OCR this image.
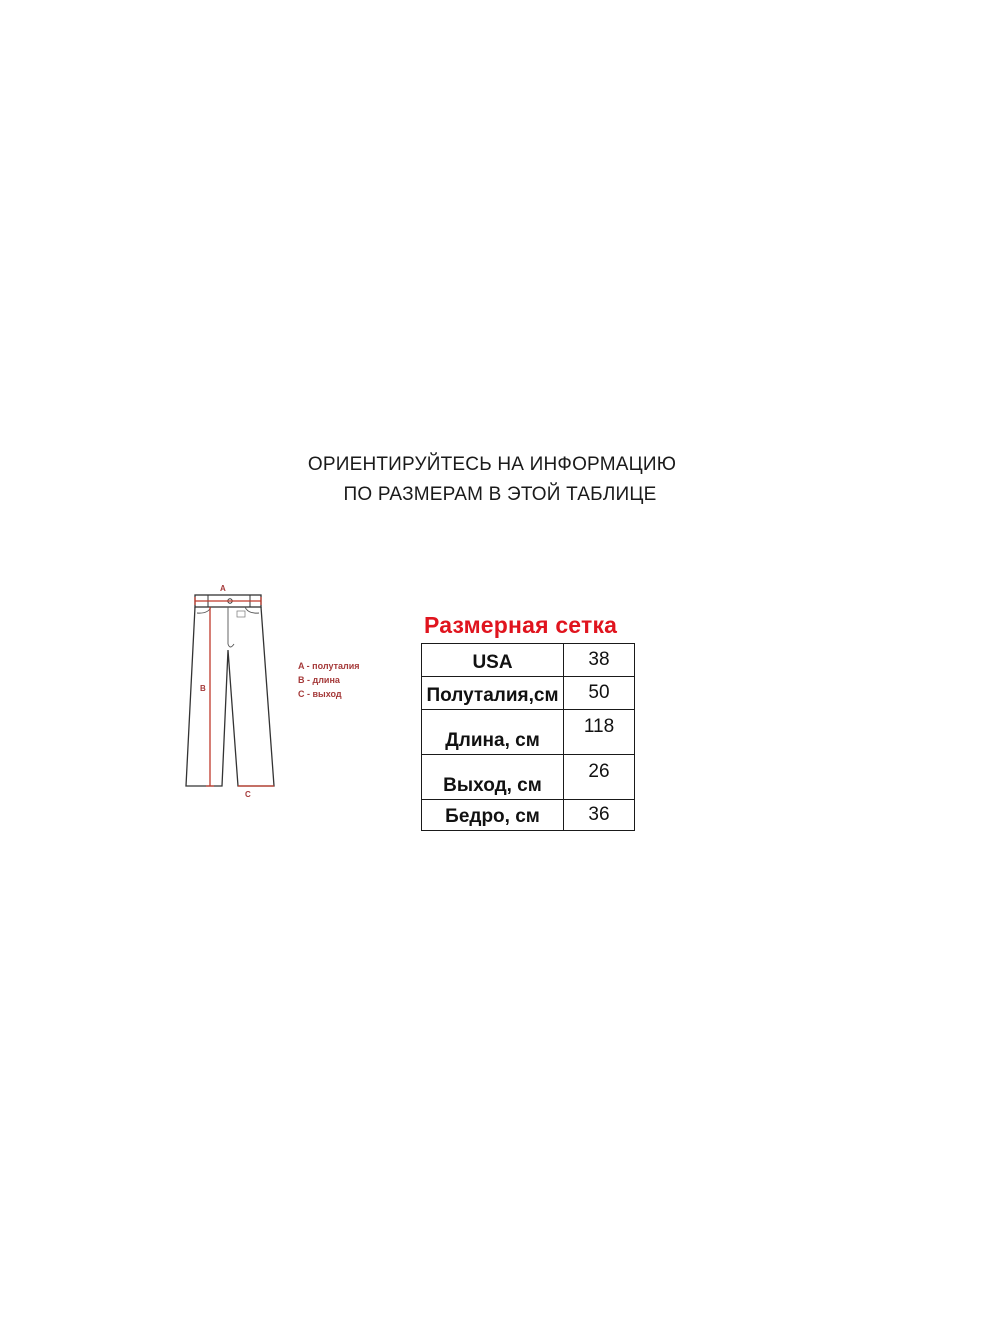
ОРИЕНТИРУЙТЕСЬ НА ИНФОРМАЦИЮ
ПО РАЗМЕРАМ В ЭТОЙ ТАБЛИЦЕ
A
B
C
A - полуталия
B - длина
C - выход
Размерная сетка
USA	38
Полуталия,см	50
Длина, см	118
Выход, см	26
Бедро, см	36
